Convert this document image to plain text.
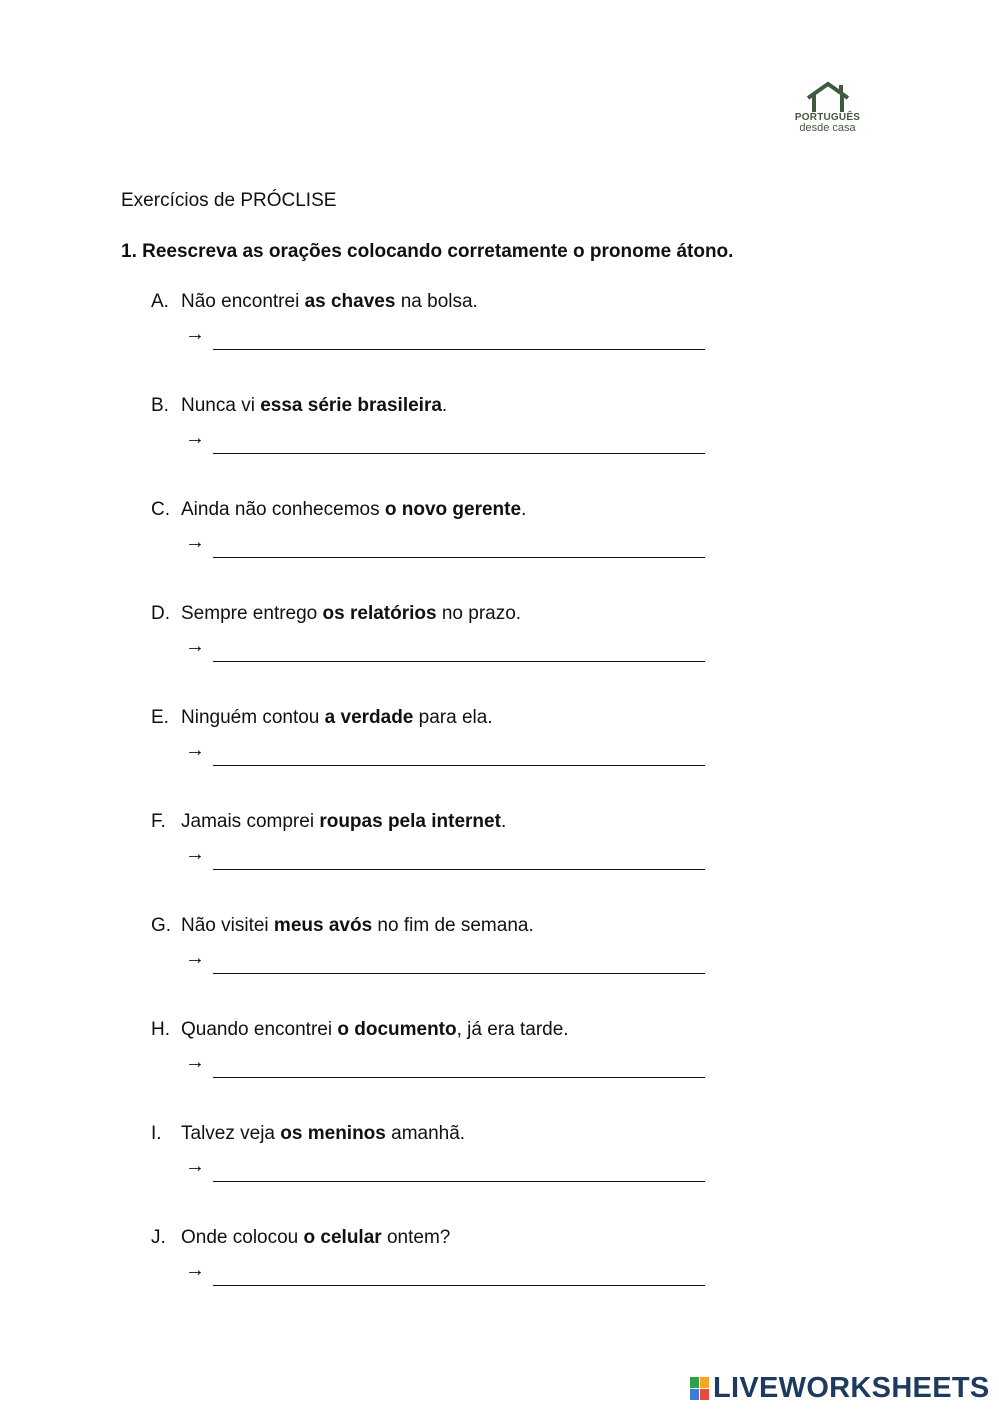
PORTUGUÊS
desde casa
Exercícios de PRÓCLISE
1. Reescreva as orações colocando corretamente o pronome átono.
A. Não encontrei as chaves na bolsa.
→
B. Nunca vi essa série brasileira.
→
C. Ainda não conhecemos o novo gerente.
→
D. Sempre entrego os relatórios no prazo.
→
E. Ninguém contou a verdade para ela.
→
F. Jamais comprei roupas pela internet.
→
G. Não visitei meus avós no fim de semana.
→
H. Quando encontrei o documento, já era tarde.
→
I. Talvez veja os meninos amanhã.
→
J. Onde colocou o celular ontem?
→
LIVEWORKSHEETS
